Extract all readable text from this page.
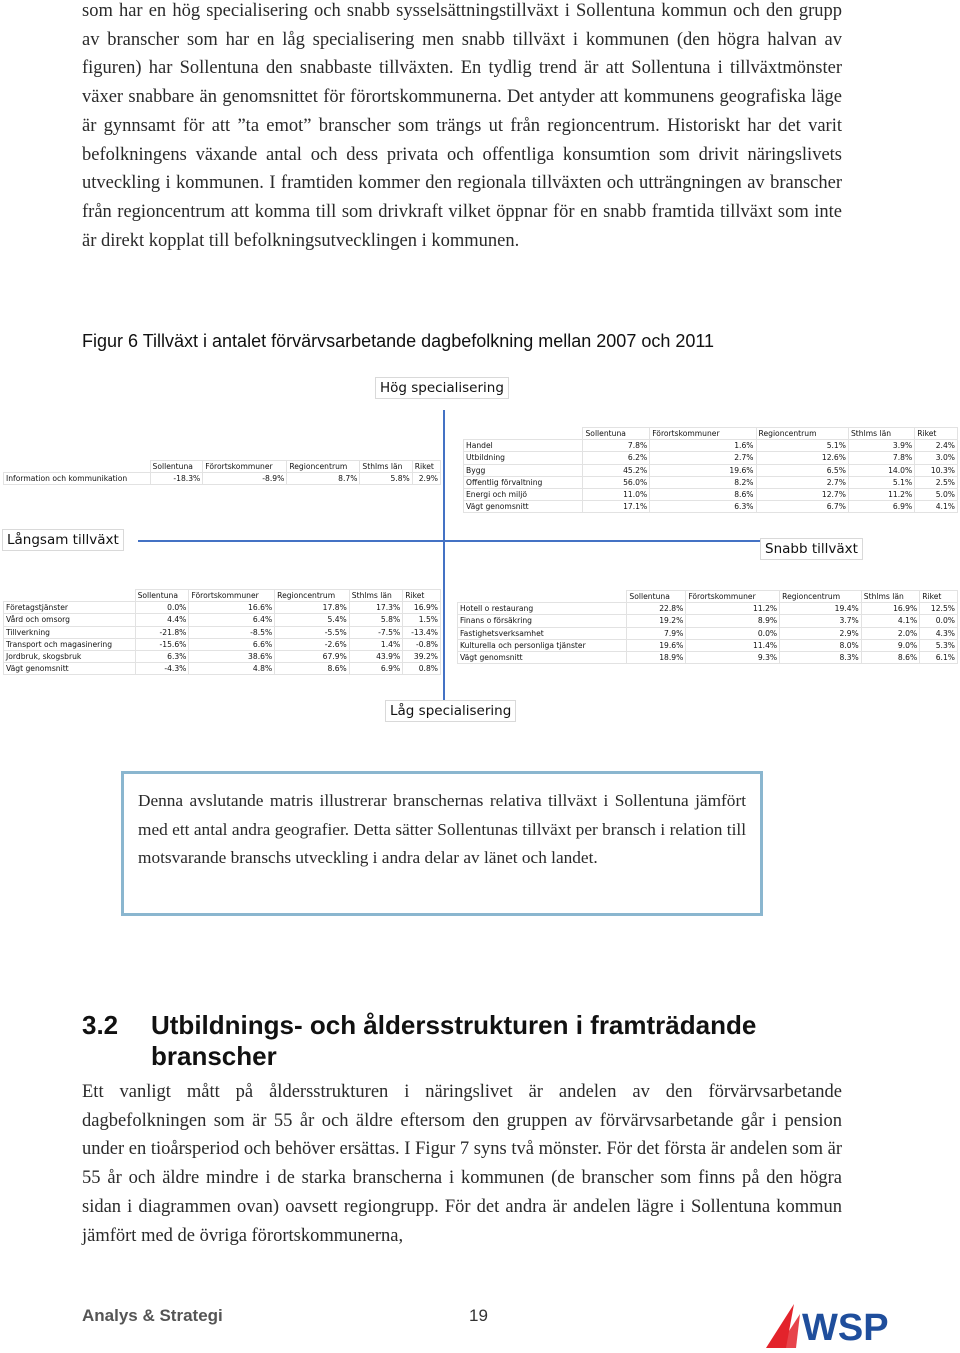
som har en hög specialisering och snabb sysselsättningstillväxt i Sollentuna kommun och den grupp av branscher som har en låg specialisering men snabb tillväxt i kommunen (den högra halvan av figuren) har Sollentuna den snabbaste tillväxten. En tydlig trend är att Sollentuna i tillväxtmönster växer snabbare än genomsnittet för förortskommunerna. Det antyder att kommunens geografiska läge är gynnsamt för att ”ta emot” branscher som trängs ut från regioncentrum. Historiskt har det varit befolkningens växande antal och dess privata och offentliga konsumtion som drivit näringslivets utveckling i kommunen. I framtiden kommer den regionala tillväxten och utträngningen av branscher från regioncentrum att komma till som drivkraft vilket öppnar för en snabb framtida tillväxt som inte är direkt kopplat till befolkningsutvecklingen i kommunen.

Figur 6 Tillväxt i antalet förvärvsarbetande dagbefolkning mellan 2007 och 2011

Hög specialisering
Långsam tillväxt
Snabb tillväxt
Låg specialisering
	Sollentuna	Förortskommuner	Regioncentrum	Sthlms län	Riket
Information och kommunikation	-18.3%	-8.9%	8.7%	5.8%	2.9%
	Sollentuna	Förortskommuner	Regioncentrum	Sthlms län	Riket
Handel	7.8%	1.6%	5.1%	3.9%	2.4%
Utbildning	6.2%	2.7%	12.6%	7.8%	3.0%
Bygg	45.2%	19.6%	6.5%	14.0%	10.3%
Offentlig förvaltning	56.0%	8.2%	2.7%	5.1%	2.5%
Energi och miljö	11.0%	8.6%	12.7%	11.2%	5.0%
Vägt genomsnitt	17.1%	6.3%	6.7%	6.9%	4.1%
	Sollentuna	Förortskommuner	Regioncentrum	Sthlms län	Riket
Företagstjänster	0.0%	16.6%	17.8%	17.3%	16.9%
Vård och omsorg	4.4%	6.4%	5.4%	5.8%	1.5%
Tillverkning	-21.8%	-8.5%	-5.5%	-7.5%	-13.4%
Transport och magasinering	-15.6%	6.6%	-2.6%	1.4%	-0.8%
Jordbruk, skogsbruk	6.3%	38.6%	67.9%	43.9%	39.2%
Vägt genomsnitt	-4.3%	4.8%	8.6%	6.9%	0.8%
	Sollentuna	Förortskommuner	Regioncentrum	Sthlms län	Riket
Hotell o restaurang	22.8%	11.2%	19.4%	16.9%	12.5%
Finans o försäkring	19.2%	8.9%	3.7%	4.1%	0.0%
Fastighetsverksamhet	7.9%	0.0%	2.9%	2.0%	4.3%
Kulturella och personliga tjänster	19.6%	11.4%	8.0%	9.0%	5.3%
Vägt genomsnitt	18.9%	9.3%	8.3%	8.6%	6.1%

Denna avslutande matris illustrerar branschernas relativa tillväxt i Sollentuna jämfört med ett antal andra geografier. Detta sätter Sollentunas tillväxt per bransch i relation till motsvarande branschs utveckling i andra delar av länet och landet.

3.2	Utbildnings- och åldersstrukturen i framträdande branscher

Ett vanligt mått på åldersstrukturen i näringslivet är andelen av den förvärvsarbetande dagbefolkningen som är 55 år och äldre eftersom den gruppen av förvärvsarbetande går i pension under en tioårsperiod och behöver ersättas. I Figur 7 syns två mönster. För det första är andelen som är 55 år och äldre mindre i de starka branscherna i kommunen (de branscher som finns på den högra sidan i diagrammen ovan) oavsett regiongrupp. För det andra är andelen lägre i Sollentuna kommun jämfört med de övriga förortskommunerna,

Analys & Strategi	19	WSP
